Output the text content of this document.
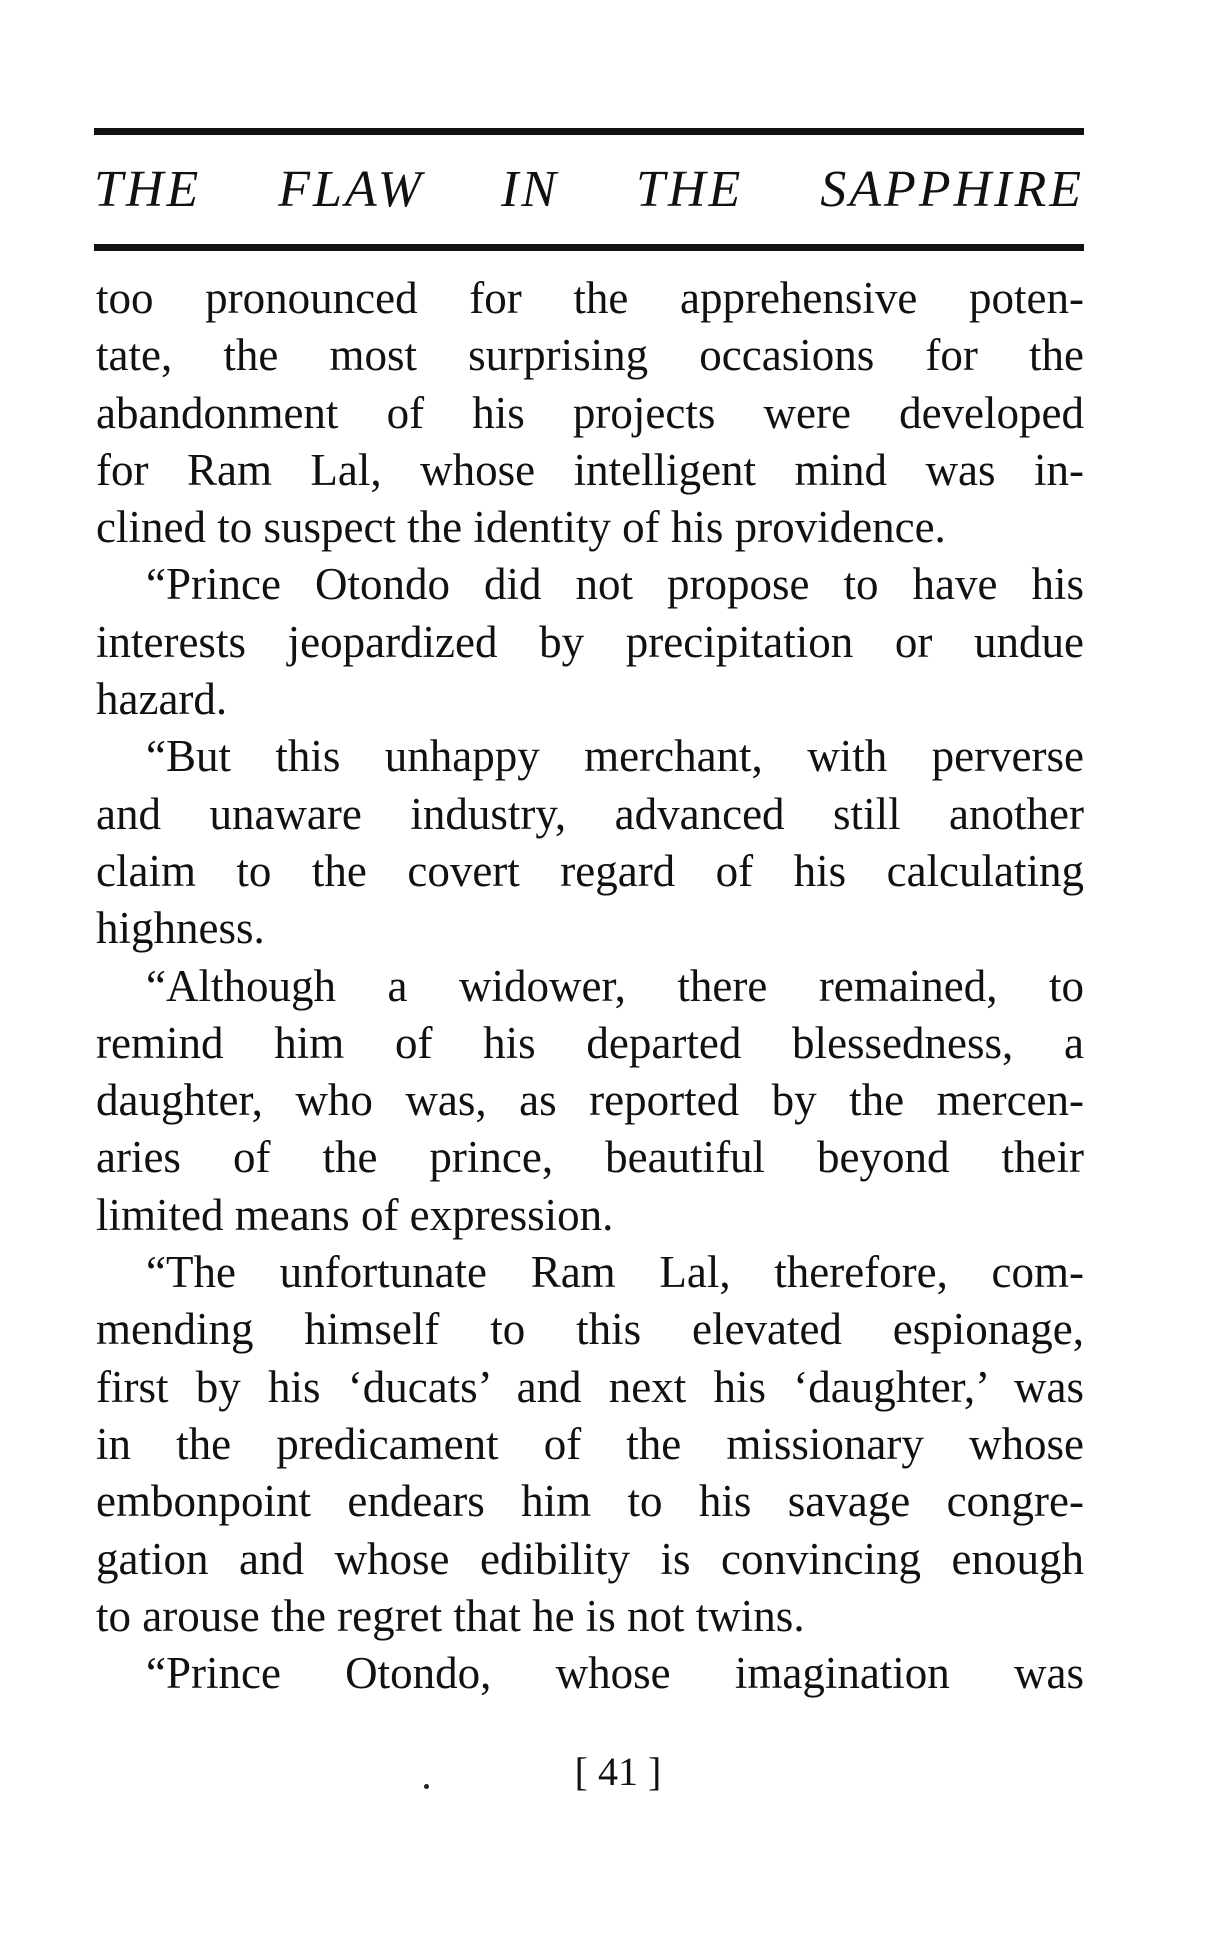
THE FLAW IN THE SAPPHIRE
too pronounced for the apprehensive poten-
tate, the most surprising occasions for the
abandonment of his projects were developed
for Ram Lal, whose intelligent mind was in-
clined to suspect the identity of his providence.
“Prince Otondo did not propose to have his
interests jeopardized by precipitation or undue
hazard.
“But this unhappy merchant, with perverse
and unaware industry, advanced still another
claim to the covert regard of his calculating
highness.
“Although a widower, there remained, to
remind him of his departed blessedness, a
daughter, who was, as reported by the mercen-
aries of the prince, beautiful beyond their
limited means of expression.
“The unfortunate Ram Lal, therefore, com-
mending himself to this elevated espionage,
first by his ‘ducats’ and next his ‘daughter,’ was
in the predicament of the missionary whose
embonpoint endears him to his savage congre-
gation and whose edibility is convincing enough
to arouse the regret that he is not twins.
“Prince Otondo, whose imagination was
[ 41 ]
